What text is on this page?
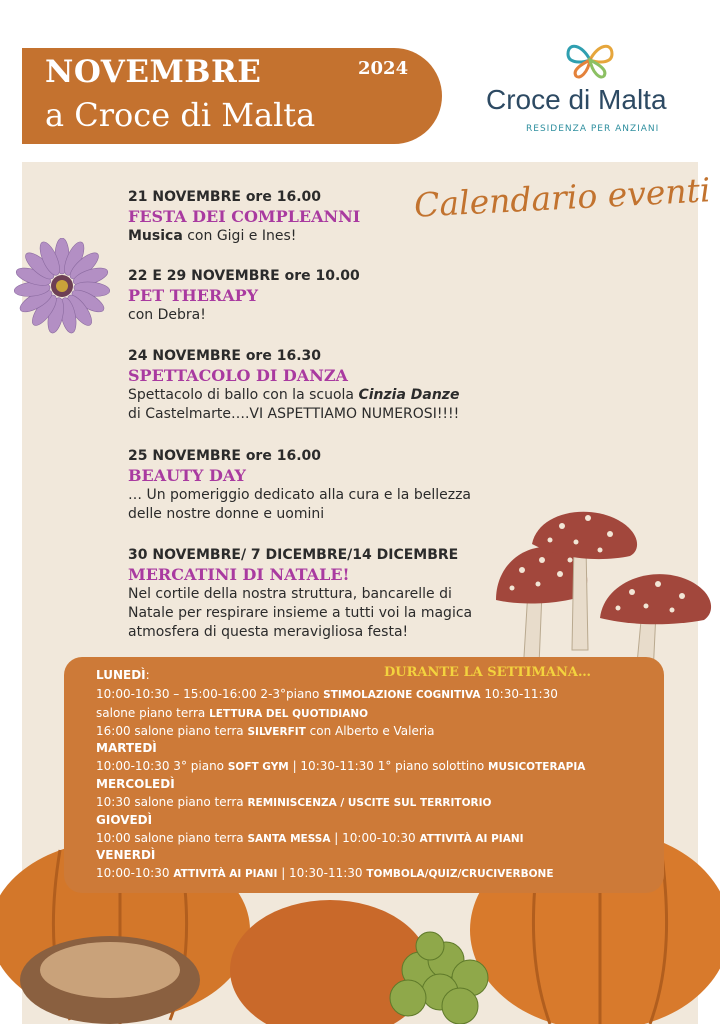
NOVEMBRE	2024
a Croce di Malta	Croce di Malta
RESIDENZA PER ANZIANI
Calendario eventi
21 NOVEMBRE ore 16.00
FESTA DEI COMPLEANNI
Musica con Gigi e Ines!
22 E 29 NOVEMBRE ore 10.00
PET THERAPY
con Debra!
24 NOVEMBRE ore 16.30
SPETTACOLO DI DANZA
Spettacolo di ballo con la scuola Cinzia Danze
di Castelmarte….VI ASPETTIAMO NUMEROSI!!!!
25 NOVEMBRE ore 16.00
BEAUTY DAY
… Un pomeriggio dedicato alla cura e la bellezza
delle nostre donne e uomini
30 NOVEMBRE/ 7 DICEMBRE/14 DICEMBRE
MERCATINI DI NATALE!
Nel cortile della nostra struttura, bancarelle di
Natale per respirare insieme a tutti voi la magica
atmosfera di questa meravigliosa festa!
DURANTE LA SETTIMANA…
LUNEDÌ:
10:00-10:30 – 15:00-16:00 2-3°piano STIMOLAZIONE COGNITIVA 10:30-11:30
salone piano terra LETTURA DEL QUOTIDIANO
16:00 salone piano terra SILVERFIT con Alberto e Valeria
MARTEDÌ
10:00-10:30 3° piano SOFT GYM | 10:30-11:30 1° piano solottino MUSICOTERAPIA
MERCOLEDÌ
10:30 salone piano terra REMINISCENZA / USCITE SUL TERRITORIO
GIOVEDÌ
10:00 salone piano terra SANTA MESSA | 10:00-10:30 ATTIVITÀ AI PIANI
VENERDÌ
10:00-10:30 ATTIVITÀ AI PIANI | 10:30-11:30 TOMBOLA/QUIZ/CRUCIVERBONE
